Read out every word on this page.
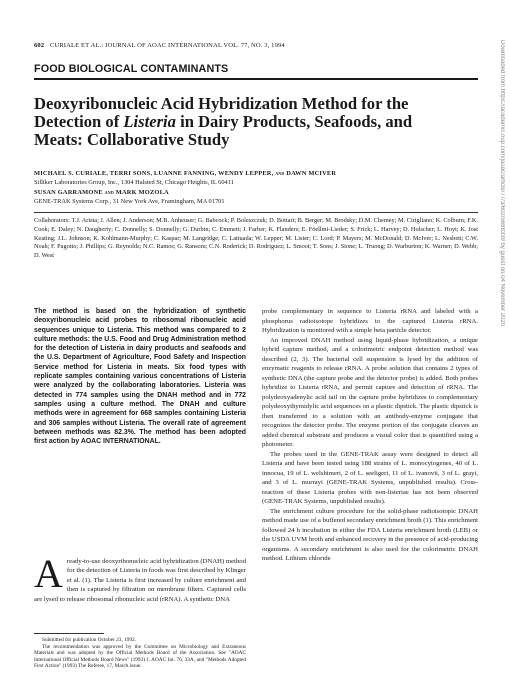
602 CURIALE ET AL.: JOURNAL OF AOAC INTERNATIONAL VOL. 77, NO. 3, 1994
FOOD BIOLOGICAL CONTAMINANTS
Deoxyribonucleic Acid Hybridization Method for the Detection of Listeria in Dairy Products, Seafoods, and Meats: Collaborative Study
MICHAEL S. CURIALE, TERRI SONS, LUANNE FANNING, WENDY LEPPER, and DAWN MCIVER
Silliker Laboratories Group, Inc., 1304 Halsted St, Chicago Heights, IL 60411
SUSAN GARRAMONE and MARK MOZOLA
GENE-TRAK Systems Corp., 31 New York Ave, Framingham, MA 01701
Collaborators: T.J. Arista; J. Allen; J. Anderson; M.B. Anheuser; G. Babcock; P. Boleszczuk; D. Bottari; B. Berger; M. Brodsky; D.M. Chemey; M. Cirigliano; K. Colburn; F.K. Cook; E. Daley; N. Daugherty; C. Donnelly; S. Donnelly; G. Durbin; C. Emmett; J. Farber; K. Flanders; E. Föellmi-Lieder; S. Frick; L. Harvey; D. Holscher; L. Hoyt; K. Jost Keating; J.L. Johnson; K. Kohlmann-Murphy; C. Kaspar; M. Langridge; C. Lattuada; W. Lepper; M. Lister; C. Lord; P. Mayers; M. McDonald; D. McIver; L. Nesbett; C.W. Noah; F. Pagotto; J. Phillips; G. Reynolds; N.C. Ramos; G. Ransom; C.N. Roderick; D. Rodriguez; L. Smoot; T. Sons; J. Stone; L. Truong; D. Warburton; K. Warner; D. Webb; D. West
The method is based on the hybridization of synthetic deoxyribonucleic acid probes to ribosomal ribonucleic acid sequences unique to Listeria. This method was compared to 2 culture methods: the U.S. Food and Drug Administration method for the detection of Listeria in dairy products and seafoods and the U.S. Department of Agriculture, Food Safety and Inspection Service method for Listeria in meats. Six food types with replicate samples containing various concentrations of Listeria were analyzed by the collaborating laboratories. Listeria was detected in 774 samples using the DNAH method and in 772 samples using a culture method. The DNAH and culture methods were in agreement for 668 samples containing Listeria and 306 samples without Listeria. The overall rate of agreement between methods was 82.3%. The method has been adopted first action by AOAC INTERNATIONAL.
Aready-to-use deoxyribonucleic acid hybridization (DNAH) method for the detection of Listeria in foods was first described by Klinger et al. (1). The Listeria is first increased by culture enrichment and then is captured by filtration on membrane filters. Captured cells are lysed to release ribosomal ribonucleic acid (rRNA). A synthetic DNA
Submitted for publication October 23, 1992.
The recommendation was approved by the Committee on Microbiology and Extraneous Materials and was adopted by the Official Methods Board of the Association. See "AOAC International Official Methods Board News" (1993) J. AOAC Int. 76, 33A, and "Methods Adopted First Action" (1993) The Referee, 17, March issue.

probe complementary in sequence to Listeria rRNA and labeled with a phosphorus radioisotope hybridizes to the captured Listeria rRNA. Hybridization is monitored with a simple beta particle detector.

An improved DNAH method using liquid-phase hybridization, a unique hybrid capture method, and a colorimetric endpoint detection method was described (2, 3). The bacterial cell suspension is lysed by the addition of enzymatic reagents to release rRNA. A probe solution that contains 2 types of synthetic DNA (the capture probe and the detector probe) is added. Both probes hybridize to Listeria rRNA, and permit capture and detection of rRNA. The polydeoxyadenylic acid tail on the capture probe hybridizes to complementary polydeoxythymidylic acid sequences on a plastic dipstick. The plastic dipstick is then transferred to a solution with an antibody-enzyme conjugate that recognizes the detector probe. The enzyme portion of the conjugate cleaves an added chemical substrate and produces a visual color that is quantified using a photometer.

The probes used in the GENE-TRAK assay were designed to detect all Listeria and have been tested using 188 strains of L. monocytogenes, 40 of L. innocua, 19 of L. welshimeri, 2 of L. seeligeri, 11 of L. ivanovii, 3 of L. grayi, and 3 of L. murrayi (GENE-TRAK Systems, unpublished results). Cross-reaction of these Listeria probes with non-listeriae has not been observed (GENE-TRAK Systems, unpublished results).

The enrichment culture procedure for the solid-phase radioisotopic DNAH method made use of a buffered secondary enrichment broth (1). This enrichment followed 24 h incubation in either the FDA Listeria enrichment broth (LEB) or the USDA UVM broth and enhanced recovery in the presence of acid-producing organisms. A secondary enrichment is also used for the colorimetric DNAH method. Lithium chloride

Downloaded from https://academic.oup.com/jaoac/article/77/3/602/5688339 by guest on 04 November 2020
